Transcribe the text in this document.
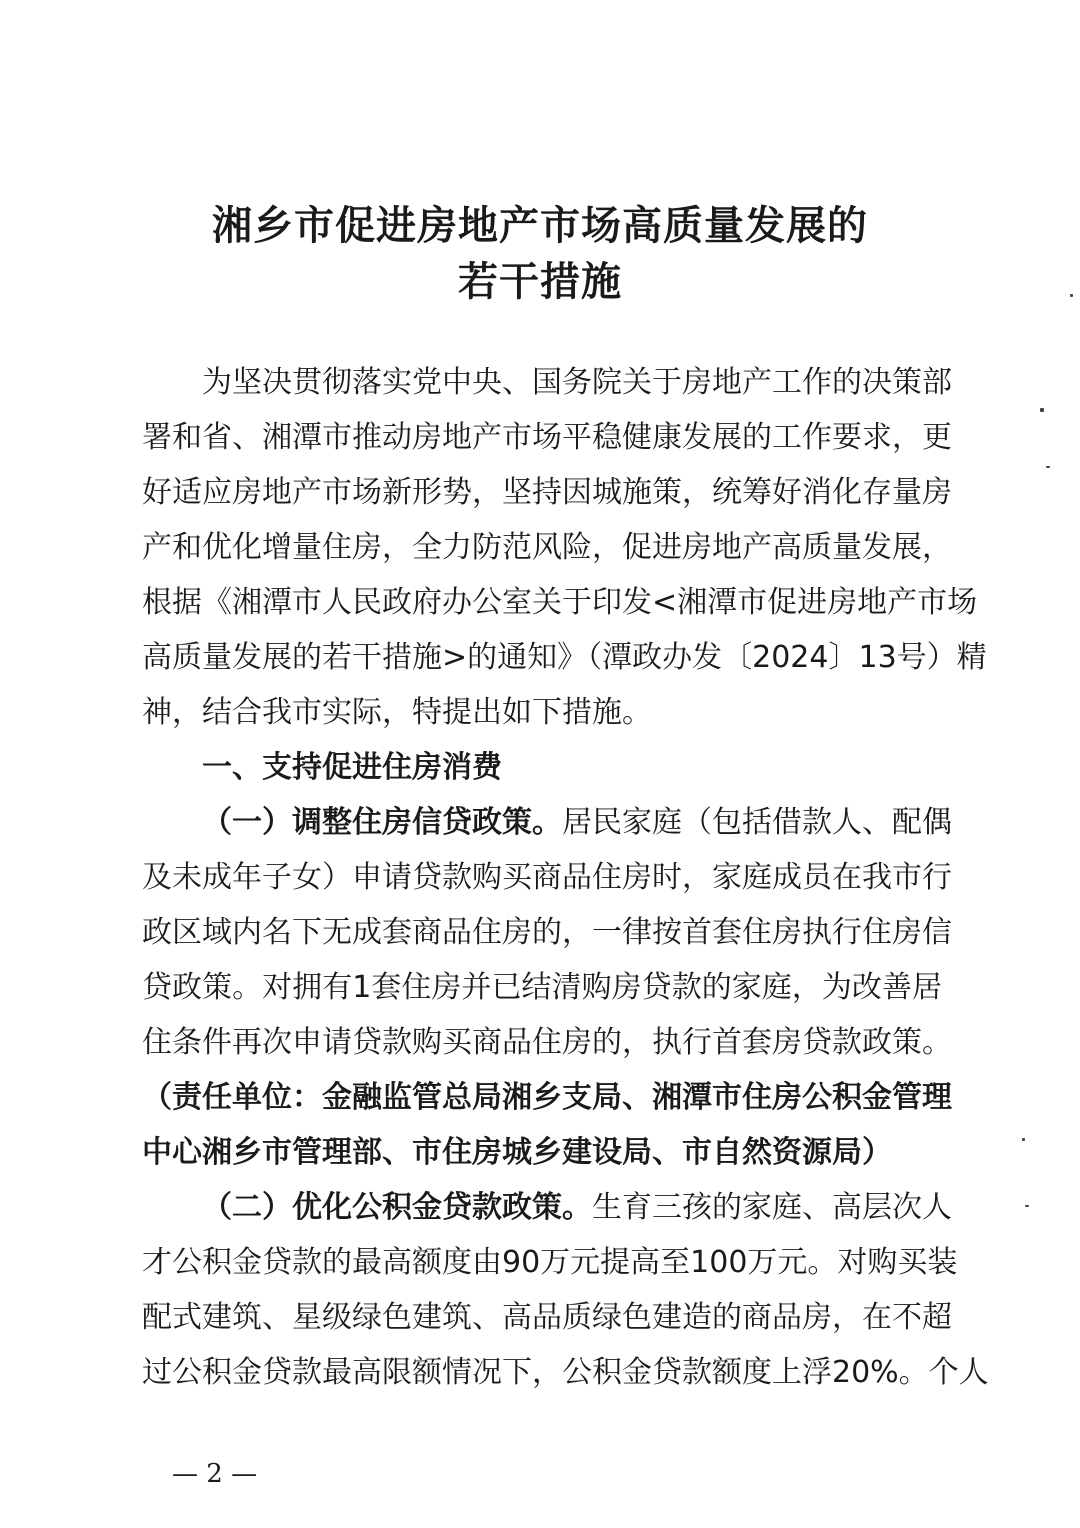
湘乡市促进房地产市场高质量发展的
若干措施
为坚决贯彻落实党中央、国务院关于房地产工作的决策部
署和省、湘潭市推动房地产市场平稳健康发展的工作要求，更
好适应房地产市场新形势，坚持因城施策，统筹好消化存量房
产和优化增量住房，全力防范风险，促进房地产高质量发展，
根据《湘潭市人民政府办公室关于印发<湘潭市促进房地产市场
高质量发展的若干措施>的通知》（潭政办发〔2024〕13号）精
神，结合我市实际，特提出如下措施。
一、支持促进住房消费
（一）调整住房信贷政策。居民家庭（包括借款人、配偶
及未成年子女）申请贷款购买商品住房时，家庭成员在我市行
政区域内名下无成套商品住房的，一律按首套住房执行住房信
贷政策。对拥有1套住房并已结清购房贷款的家庭，为改善居
住条件再次申请贷款购买商品住房的，执行首套房贷款政策。
（责任单位：金融监管总局湘乡支局、湘潭市住房公积金管理
中心湘乡市管理部、市住房城乡建设局、市自然资源局）
（二）优化公积金贷款政策。生育三孩的家庭、高层次人
才公积金贷款的最高额度由90万元提高至100万元。对购买装
配式建筑、星级绿色建筑、高品质绿色建造的商品房，在不超
过公积金贷款最高限额情况下，公积金贷款额度上浮20%。个人
— 2 —
